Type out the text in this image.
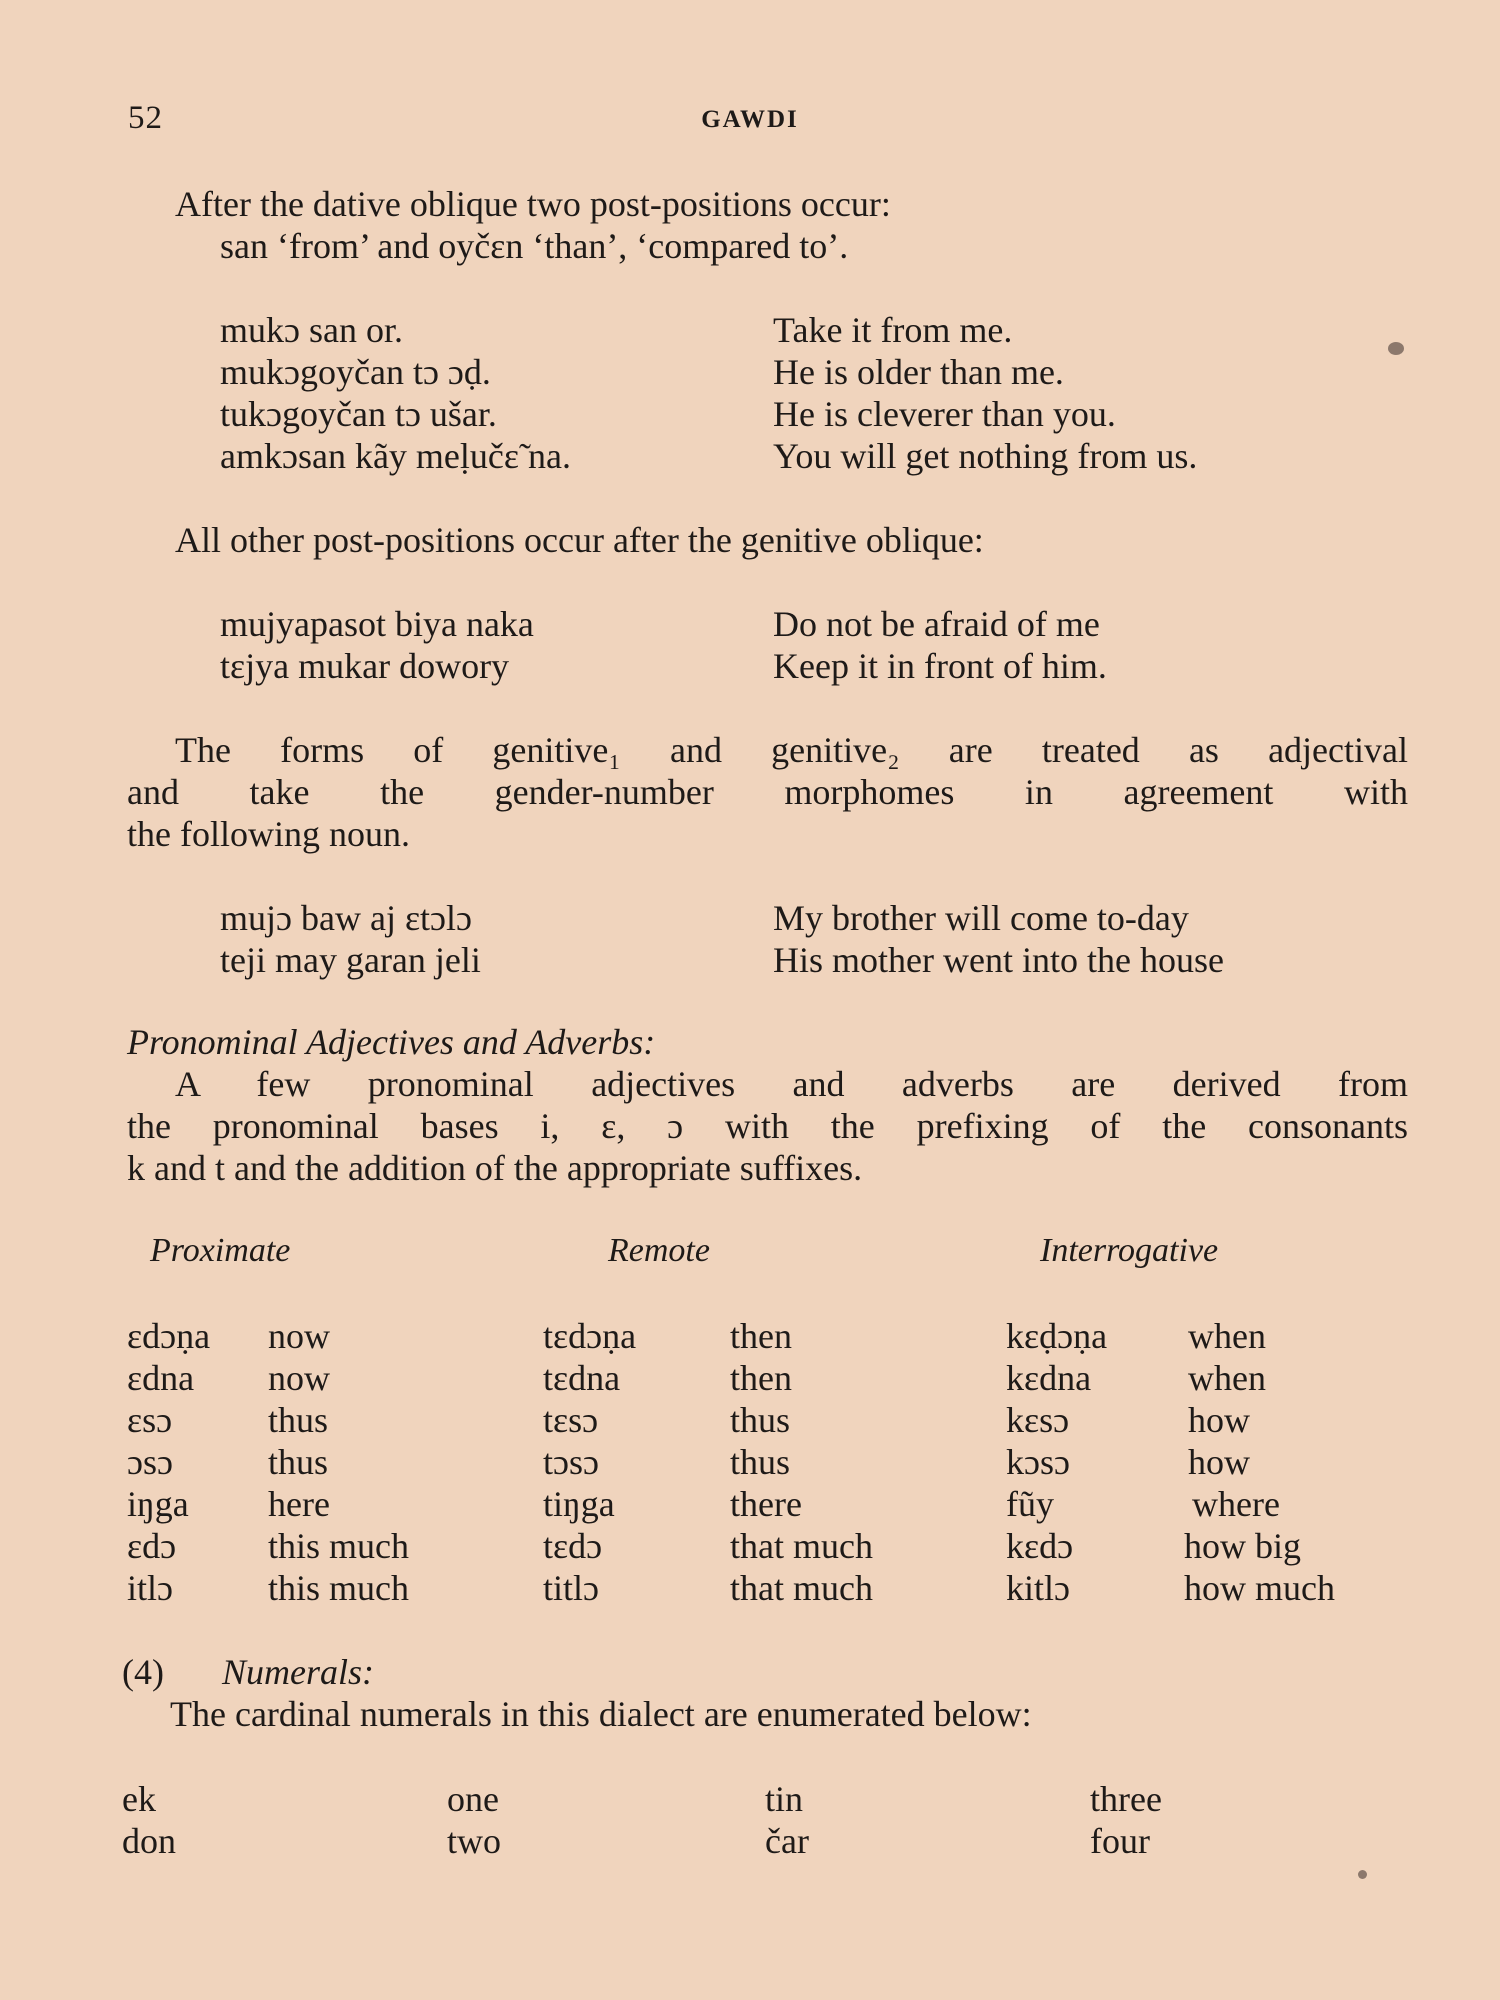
52	GAWDI
After the dative oblique two post-positions occur:
san ‘from’ and oyčɛn ‘than’, ‘compared to’.
mukɔ san or.	Take it from me.
mukɔgoyčan tɔ ɔḍ.	He is older than me.
tukɔgoyčan tɔ ušar.	He is cleverer than you.
amkɔsan kãy meḷučɛ̃ na.	You will get nothing from us.
All other post-positions occur after the genitive oblique:
mujyapasot biya naka	Do not be afraid of me
tɛjya mukar dowory	Keep it in front of him.
The forms of genitive₁ and genitive₂ are treated as adjectival
and take the gender-number morphomes in agreement with
the following noun.
mujɔ baw aj ɛtɔlɔ	My brother will come to-day
teji may garan jeli	His mother went into the house
Pronominal Adjectives and Adverbs:
A few pronominal adjectives and adverbs are derived from
the pronominal bases i, ɛ, ɔ with the prefixing of the consonants
k and t and the addition of the appropriate suffixes.
Proximate	Remote	Interrogative
ɛdɔṇa now	tɛdɔṇa	then	kɛḍɔṇa when
ɛdna now	tɛdna	then	kɛdna	when
ɛsɔ	thus	tɛsɔ	thus	kɛsɔ	how
ɔsɔ	thus	tɔsɔ	thus	kɔsɔ	how
iŋga here	tiŋga	there	fũy	where
ɛdɔ	this much	tɛdɔ	that much	kɛdɔ	how big
itlɔ	this much	titlɔ	that much	kitlɔ	how much
(4) Numerals:
The cardinal numerals in this dialect are enumerated below:
ek	one	tin	three
don	two	čar	four
